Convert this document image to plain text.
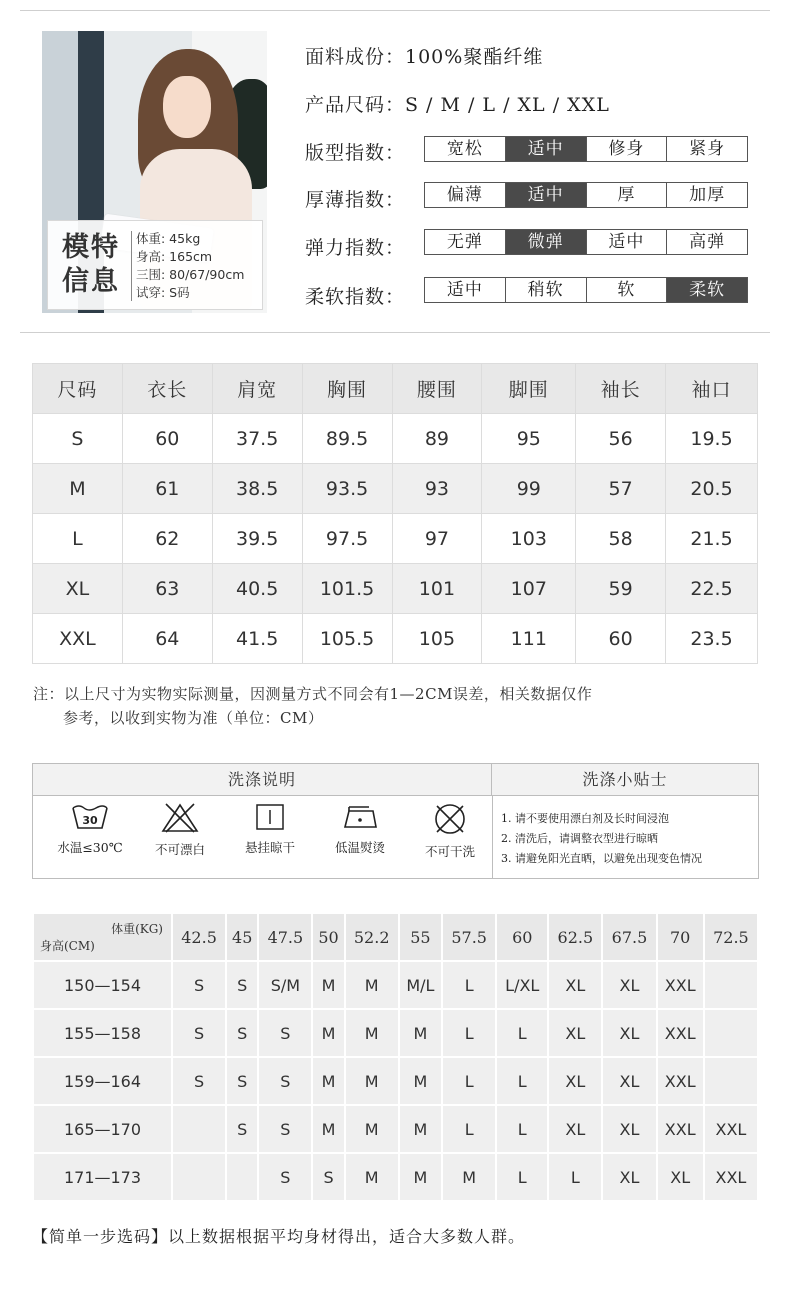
模特
信息
体重: 45kg
身高: 165cm
三围: 80/67/90cm
试穿: S码
面料成份：100%聚酯纤维
产品尺码：S / M / L / XL / XXL
版型指数：	宽松	适中	修身	紧身
厚薄指数：	偏薄	适中	厚	加厚
弹力指数：	无弹	微弹	适中	高弹
柔软指数：	适中	稍软	软	柔软
尺码	衣长	肩宽	胸围	腰围	脚围	袖长	袖口
S	60	37.5	89.5	89	95	56	19.5
M	61	38.5	93.5	93	99	57	20.5
L	62	39.5	97.5	97	103	58	21.5
XL	63	40.5	101.5	101	107	59	22.5
XXL	64	41.5	105.5	105	111	60	23.5
注：以上尺寸为实物实际测量，因测量方式不同会有1—2CM误差，相关数据仅作
参考，以收到实物为准（单位：CM）
洗涤说明	洗涤小贴士
30
水温≤30℃	不可漂白	悬挂晾干	低温熨烫	不可干洗
1. 请不要使用漂白剂及长时间浸泡
2. 清洗后，请调整衣型进行晾晒
3. 请避免阳光直晒，以避免出现变色情况
体重(KG)
身高(CM)	42.5	45	47.5	50	52.2	55	57.5	60	62.5	67.5	70	72.5
150—154	S	S	S/M	M	M	M/L	L	L/XL	XL	XL	XXL	
155—158	S	S	S	M	M	M	L	L	XL	XL	XXL	
159—164	S	S	S	M	M	M	L	L	XL	XL	XXL	
165—170		S	S	M	M	M	L	L	XL	XL	XXL	XXL
171—173			S	S	M	M	M	L	L	XL	XL	XXL
【简单一步选码】以上数据根据平均身材得出，适合大多数人群。
